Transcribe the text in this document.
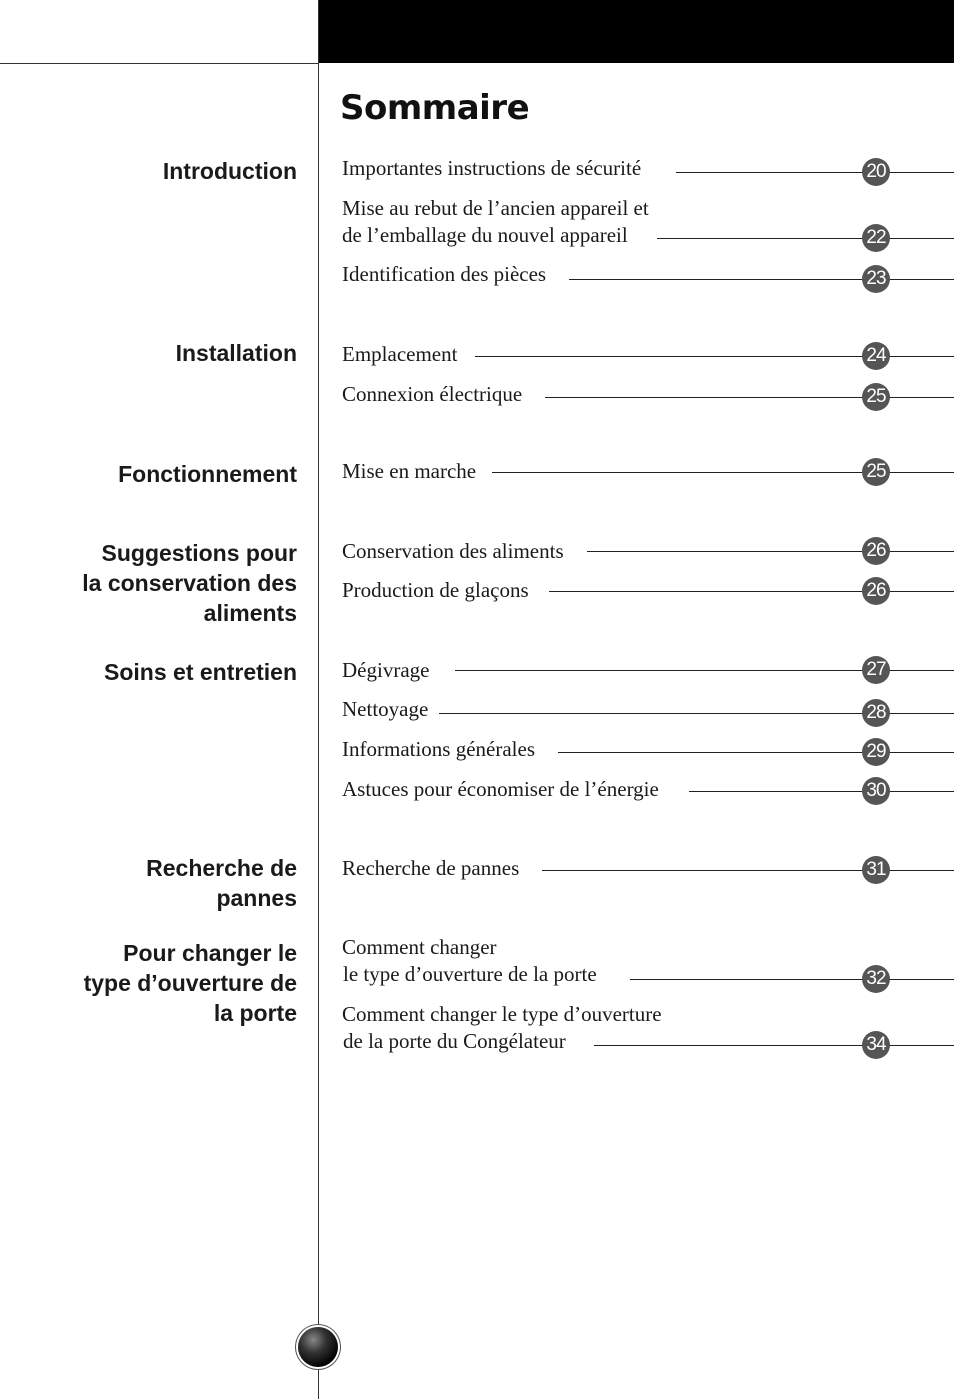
Sommaire
Introduction
Installation
Fonctionnement
Suggestions pour
la conservation des
aliments
Soins et entretien
Recherche de
pannes
Pour changer le
type d’ouverture de
la porte
Importantes instructions de sécurité	20
Mise au rebut de l’ancien appareil et
de l’emballage du nouvel appareil	22
Identification des pièces	23
Emplacement	24
Connexion électrique	25
Mise en marche	25
Conservation des aliments	26
Production de glaçons	26
Dégivrage	27
Nettoyage	28
Informations générales	29
Astuces pour économiser de l’énergie	30
Recherche de pannes	31
Comment changer
le type d’ouverture de la porte	32
Comment changer le type d’ouverture
de la porte du Congélateur	34
